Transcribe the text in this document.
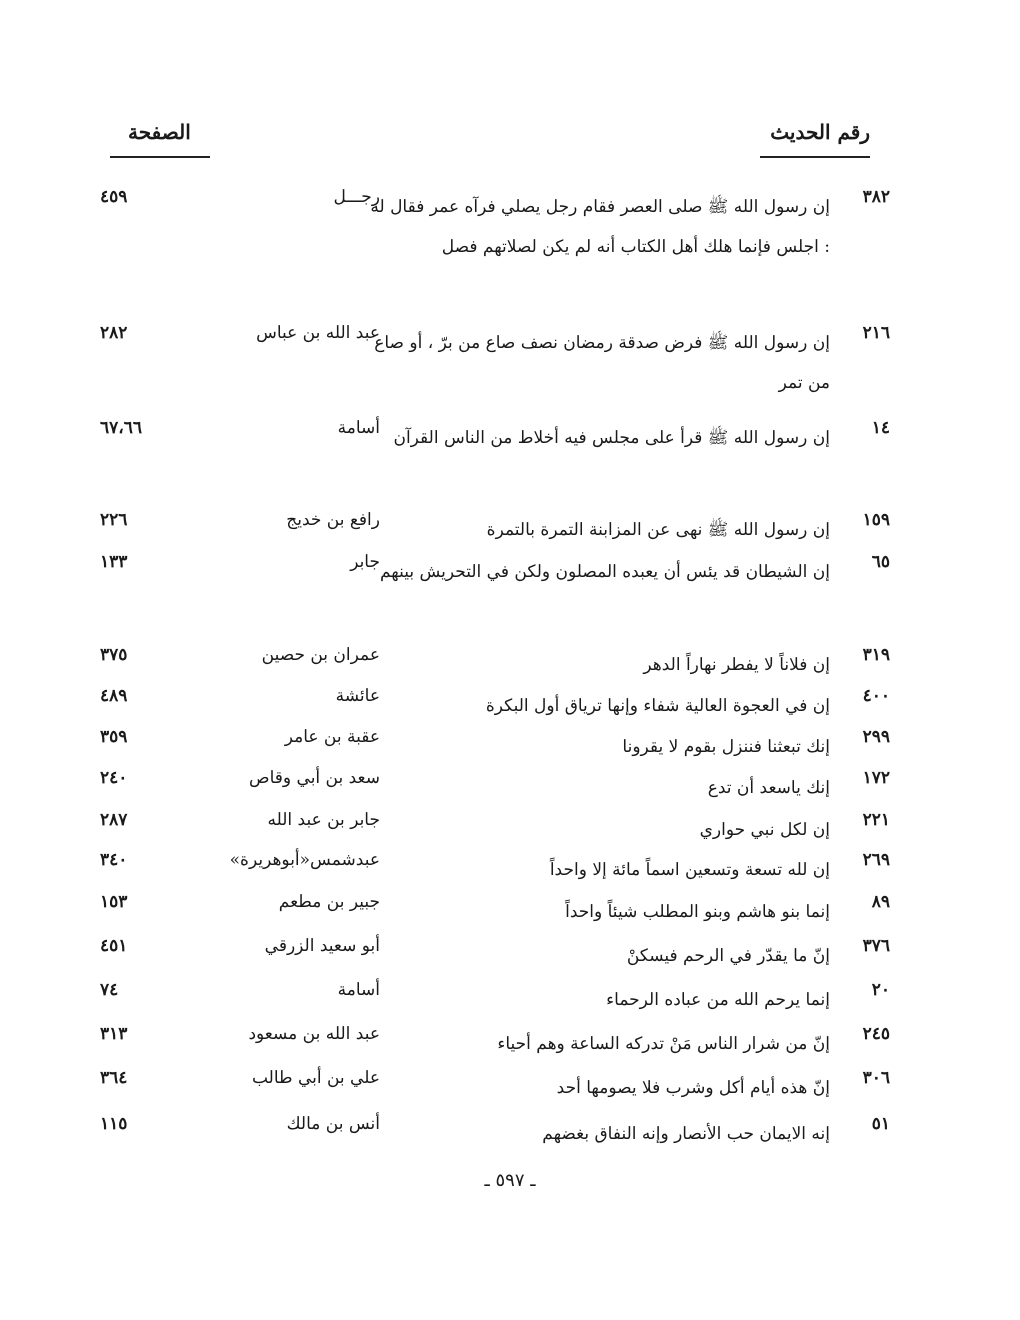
رقم الحديث
الصفحة
٣٨٢
إن رسول الله ﷺ صلى العصر فقام رجل يصلي فرآه عمر فقال له : اجلس فإنما هلك أهل الكتاب أنه لم يكن لصلاتهم فصل
رجـــل
٤٥٩
٢١٦
إن رسول الله ﷺ فرض صدقة رمضان نصف صاع من برّ ، أو صاع من تمر
عبد الله بن عباس
٢٨٢
١٤
إن رسول الله ﷺ قرأ على مجلس فيه أخلاط من الناس القرآن
أسامة
٦٧،٦٦
١٥٩
إن رسول الله ﷺ نهى عن المزابنة التمرة بالتمرة
رافع بن خديج
٢٢٦
٦٥
إن الشيطان قد يئس أن يعبده المصلون ولكن في التحريش بينهم
جابر
١٣٣
٣١٩
إن فلاناً لا يفطر نهاراً الدهر
عمران بن حصين
٣٧٥
٤٠٠
إن في العجوة العالية شفاء وإنها ترياق أول البكرة
عائشة
٤٨٩
٢٩٩
إنك تبعثنا فننزل بقوم لا يقرونا
عقبة بن عامر
٣٥٩
١٧٢
إنك ياسعد أن تدع
سعد بن أبي وقاص
٢٤٠
٢٢١
إن لكل نبي حواري
جابر بن عبد الله
٢٨٧
٢٦٩
إن لله تسعة وتسعين اسماً مائة إلا واحداً
عبدشمس«أبوهريرة»
٣٤٠
٨٩
إنما بنو هاشم وبنو المطلب شيئاً واحداً
جبير بن مطعم
١٥٣
٣٧٦
إنّ ما يقدّر في الرحم فيسكنْ
أبو سعيد الزرقي
٤٥١
٢٠
إنما يرحم الله من عباده الرحماء
أسامة
٧٤
٢٤٥
إنّ من شرار الناس مَنْ تدركه الساعة وهم أحياء
عبد الله بن مسعود
٣١٣
٣٠٦
إنّ هذه أيام أكل وشرب فلا يصومها أحد
علي بن أبي طالب
٣٦٤
٥١
إنه الايمان حب الأنصار وإنه النفاق بغضهم
أنس بن مالك
١١٥
ـ ٥٩٧ ـ
